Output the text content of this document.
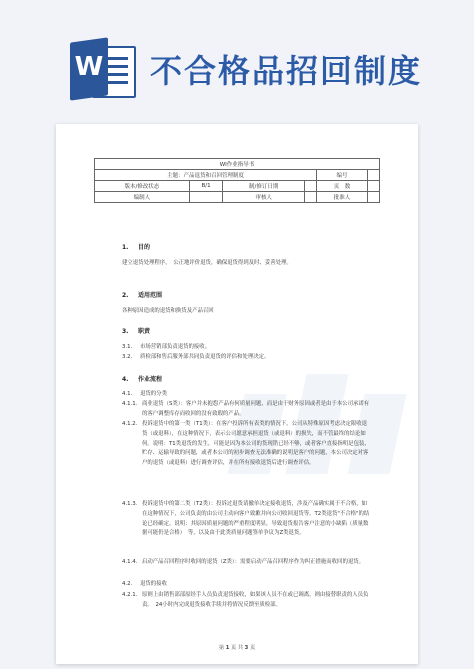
W 不合格品招回制度
WI作业指导书					
主题：产品退货和召回管理制度				编号	
版本/修改状态	B/1	制/修订日期		页　数	
编制人		审核人		批准人	
1. 目的
建立退货处理程序，　公正地评价退货，确保退货得到及时、妥善处理。
2. 适用范围
各种原因造成的退货和换货及产品召回
3. 职责
3.1. 市场营销部负责退货的接收。
3.2. 质检部和售后服务部共同负责退货的评估和处理决定。
4. 作业流程
4.1. 退货的分类
4.1.1. 商业退货（S类）：客户并未抱怨产品有何质量问题，而是由于财务原因或者是由于本公司承诺有的客户调整库存而收回的没有致瑕的产品。
4.1.2. 投诉退货中的第一类（T1类）：在客户投诉所有表类的情况下，公司从特殊原因考虑决定限收退货（或退料），在这种情况下，表示公司愿意承担退货（或退料）的损失，而不管最终的结论如何。说明：T1类退货的发生，可能是因为本公司的货现错已经不够，或者客户直接指明是包装、贮存、运输导致的问题，或者本公司的初步调查无法准确的说明是客户的问题，本公司决定对客户的退货（或退料）进行调查评估，并在所有接收退货后进行调查评估。
4.1.3. 投诉退货中的第二类（T2类）：投诉过退货请撤单决定接收退货，涉及产品确实属于不合格，如在这种情况下，公司负责的由公司主动向客户致歉并向公司收回退货等。T2类退货"不合格"的结论已经确定。说明：其原因质量问题的严重程度明显，导致退货报告客户注意的小缺陷（质量数据可能仍是合格）　等，以及由于此类质量问题签单争议为Z类退货。
4.1.4. 启动产品召回程序时收回的退货（Z类）：需要启动产品召回程序作为纠正措施而收回的退货。
4.2. 退货的接收
4.2.1. 原则上由销售部部原经手人员负责退货接收，如果该人员不在或已调离，则由接替职责的人员负责。　24小时内完成退货接收手续并将情况反馈至质检部。
第 1 页 共 3 页
